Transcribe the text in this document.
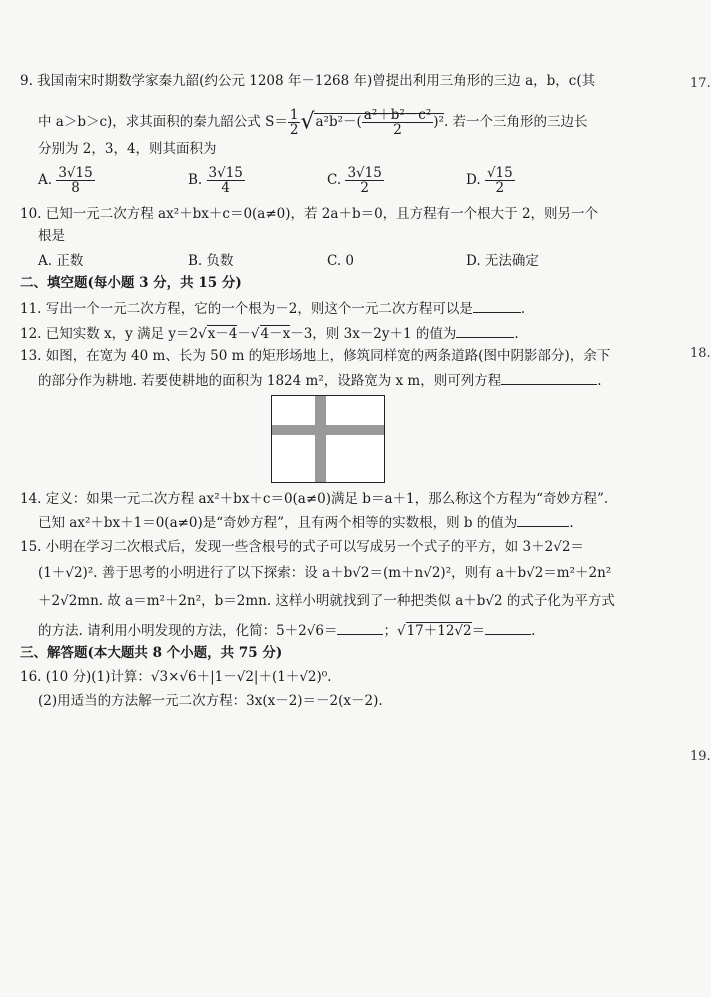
9. 我国南宋时期数学家秦九韶(约公元 1208 年－1268 年)曾提出利用三角形的三边 a，b，c(其
中 a＞b＞c)，求其面积的秦九韶公式 $S= \frac{1}{2} √a^2b^2-( \frac{\text{a²＋b²－c²}}{2} )^2$. 若一个三角形的三边长
分别为 2，3，4，则其面积为
A. $\frac{3√15}{8}$	B. $\frac{3√15}{4}$	C. $\frac{3√15}{2}$	D. $\frac{√15}{2}$
10. 已知一元二次方程 ax²＋bx＋c＝0(a≠0)，若 2a＋b＝0，且方程有一个根大于 2，则另一个
根是
A. 正数	B. 负数	C. 0	D. 无法确定
二、填空题(每小题 3 分，共 15 分)
11. 写出一个一元二次方程，它的一个根为－2，则这个一元二次方程可以是	.
12. 已知实数 x，y 满足 y＝2√x－4－√4－x－3，则 3x－2y＋1 的值为	.
13. 如图，在宽为 40 m、长为 50 m 的矩形场地上，修筑同样宽的两条道路(图中阴影部分)，余下
的部分作为耕地. 若要使耕地的面积为 1824 m²，设路宽为 x m，则可列方程	.
14. 定义：如果一元二次方程 ax²＋bx＋c＝0(a≠0)满足 b＝a＋1，那么称这个方程为“奇妙方程”.
已知 ax²＋bx＋1＝0(a≠0)是“奇妙方程”，且有两个相等的实数根，则 b 的值为	.
15. 小明在学习二次根式后，发现一些含根号的式子可以写成另一个式子的平方，如 3＋2√2＝
(1＋√2)². 善于思考的小明进行了以下探索：设 a＋b√2＝(m＋n√2)²，则有 a＋b√2＝m²＋2n²
＋2√2mn. 故 a＝m²＋2n²，b＝2mn. 这样小明就找到了一种把类似 a＋b√2 的式子化为平方式
的方法. 请利用小明发现的方法，化简：5＋2√6＝	；√17＋12√2＝	.
三、解答题(本大题共 8 个小题，共 75 分)
16. (10 分)(1)计算：√3×√6＋|1－√2|＋(1＋√2)⁰.
(2)用适当的方法解一元二次方程：3x(x－2)＝－2(x－2).
17.
18.
19.
